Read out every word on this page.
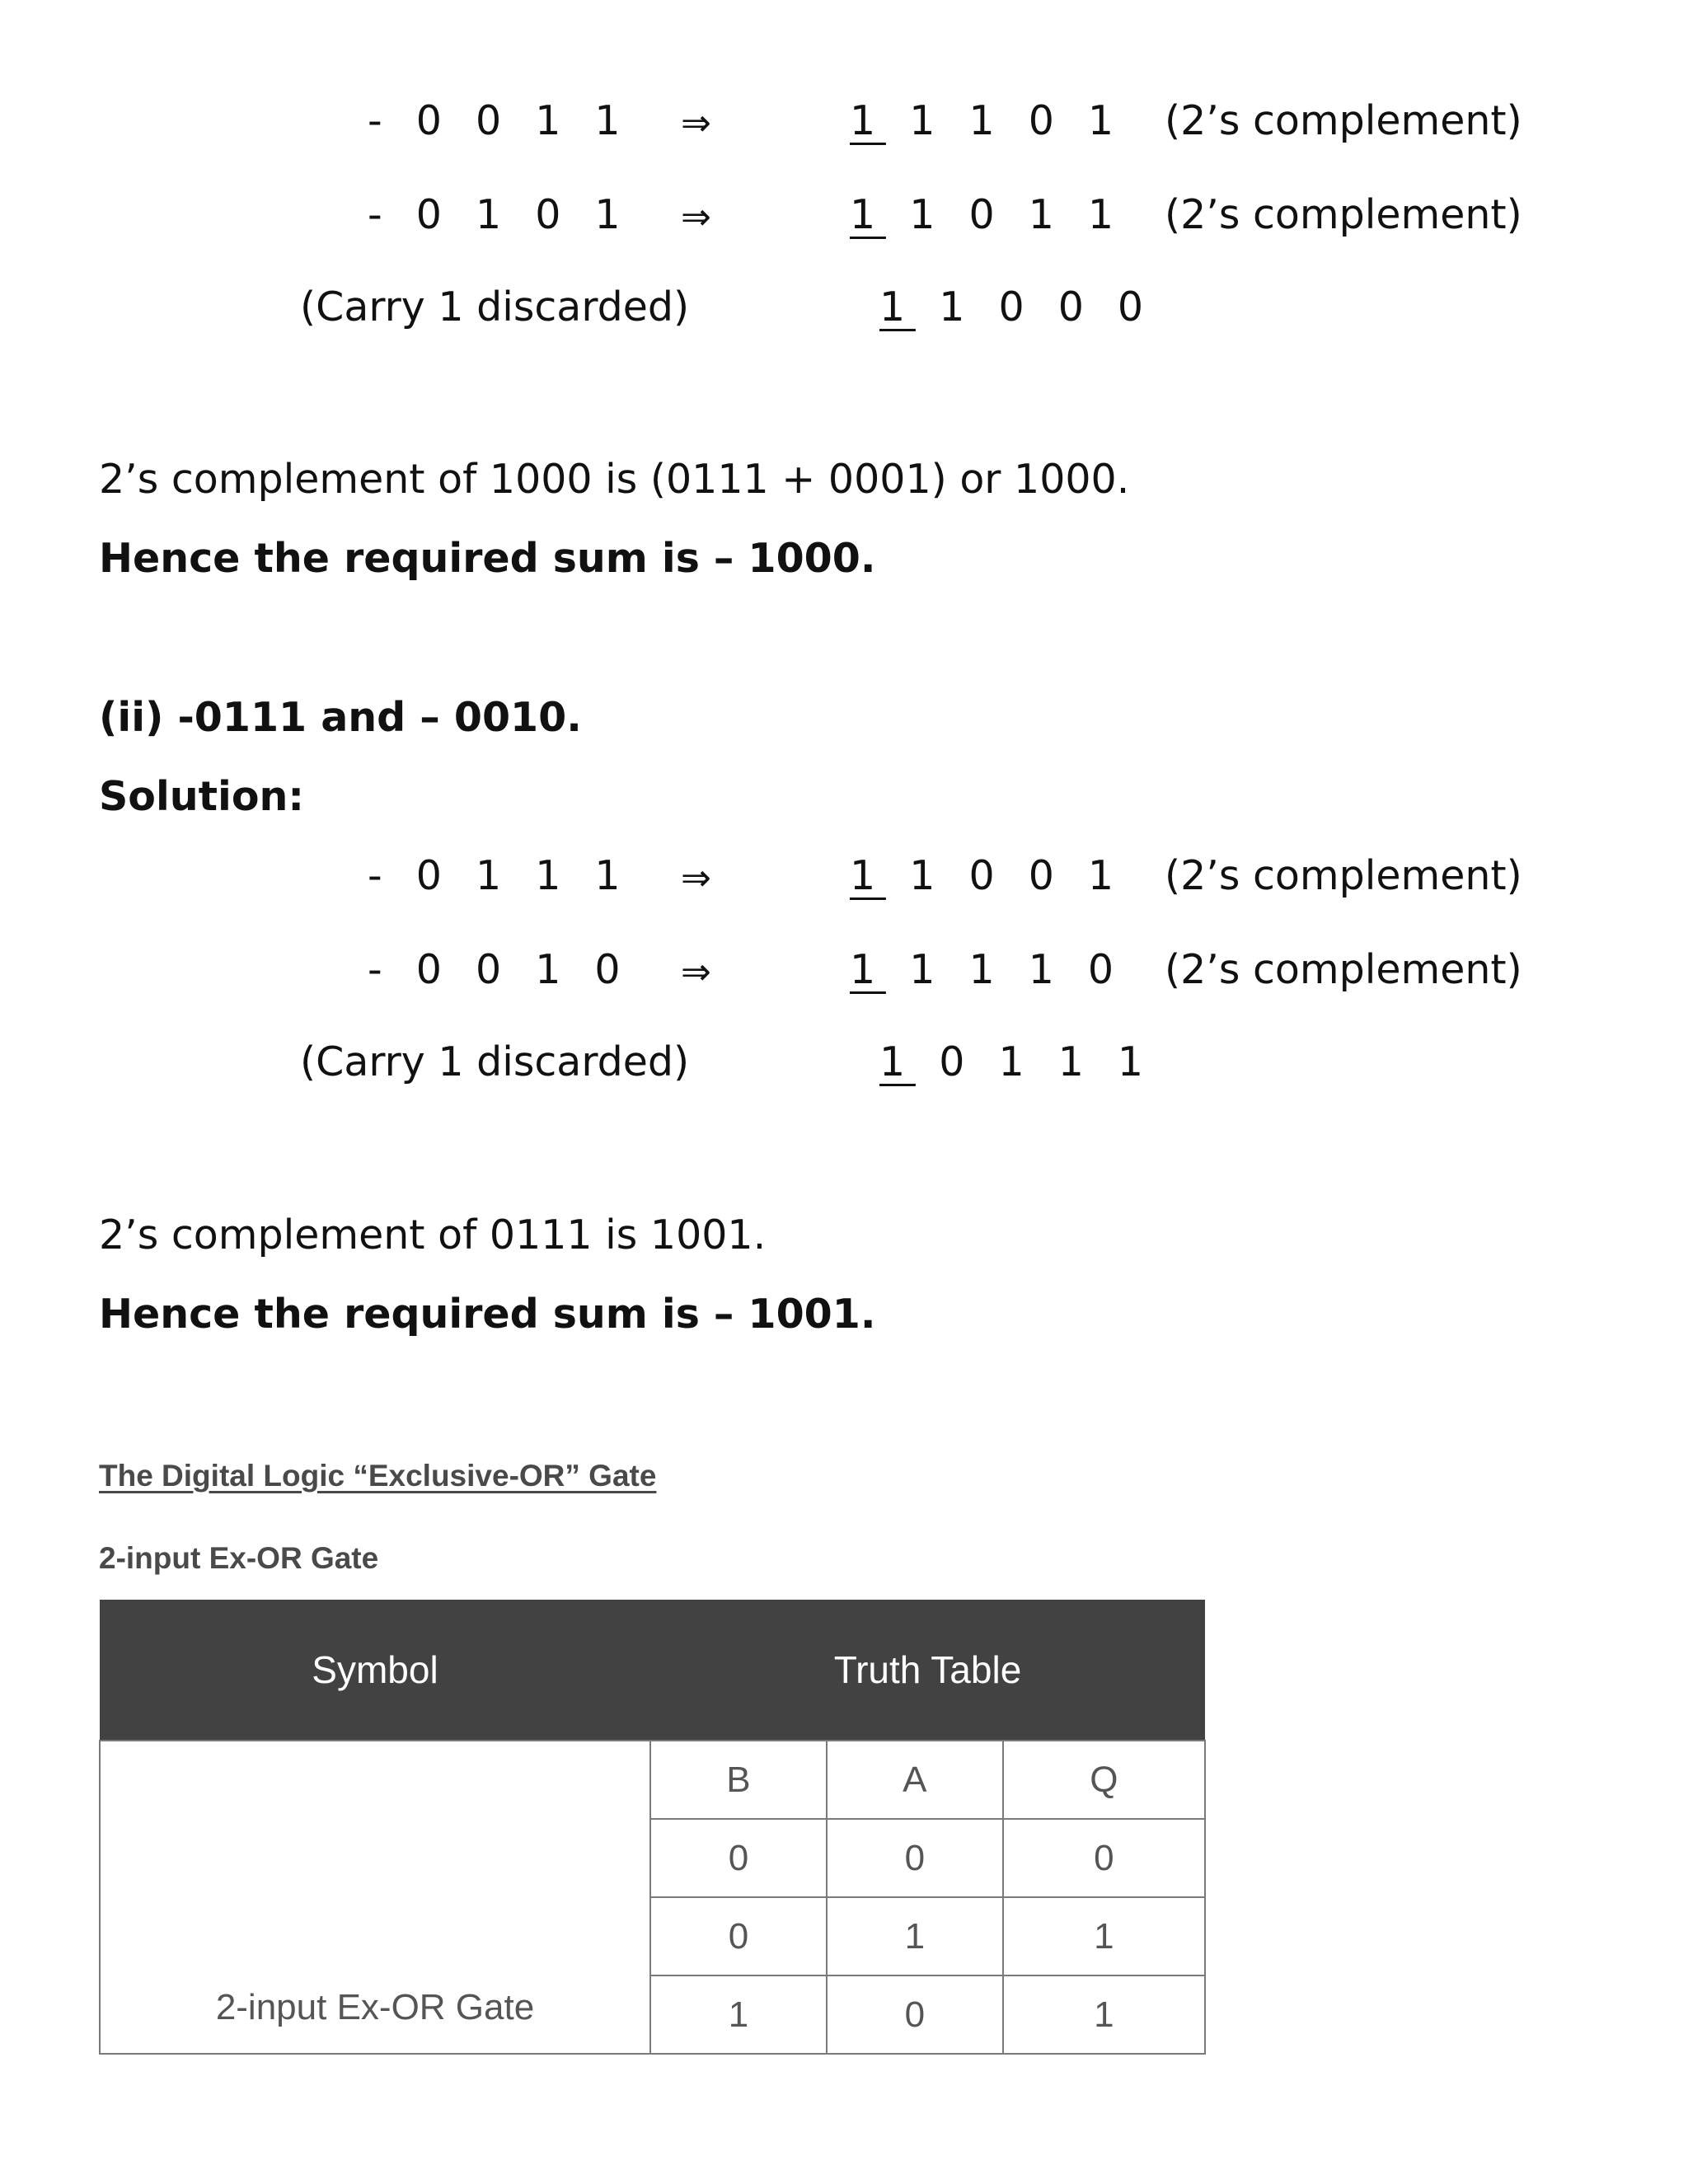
- 0 0 1 1 ⇒	1 1 1 0 1 (2’s complement)
- 0 1 0 1 ⇒	1 1 0 1 1 (2’s complement)
(Carry 1 discarded)	1 1 0 0 0
2’s complement of 1000 is (0111 + 0001) or 1000.
Hence the required sum is – 1000.
(ii) -0111 and – 0010.
Solution:
- 0 1 1 1 ⇒	1 1 0 0 1 (2’s complement)
- 0 0 1 0 ⇒	1 1 1 1 0 (2’s complement)
(Carry 1 discarded)	1 0 1 1 1
2’s complement of 0111 is 1001.
Hence the required sum is – 1001.
The Digital Logic “Exclusive-OR” Gate
2-input Ex-OR Gate
Symbol	Truth Table		
2-input Ex-OR Gate	B	A	Q
	0	0	0
	0	1	1
	1	0	1
